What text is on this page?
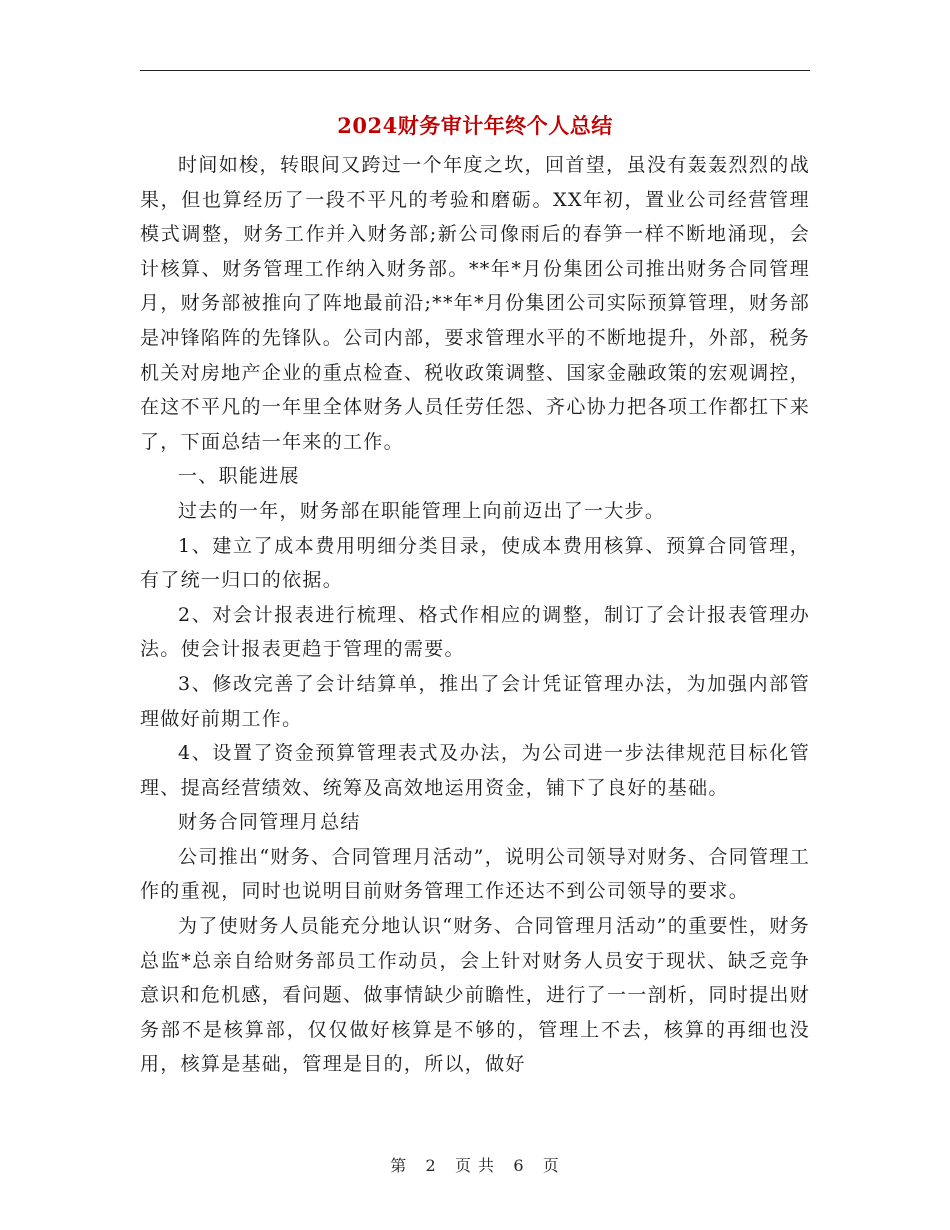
2024财务审计年终个人总结

时间如梭，转眼间又跨过一个年度之坎，回首望，虽没有轰轰烈烈的战果，但也算经历了一段不平凡的考验和磨砺。XX年初，置业公司经营管理模式调整，财务工作并入财务部;新公司像雨后的春笋一样不断地涌现，会计核算、财务管理工作纳入财务部。**年*月份集团公司推出财务合同管理月，财务部被推向了阵地最前沿;**年*月份集团公司实际预算管理，财务部是冲锋陷阵的先锋队。公司内部，要求管理水平的不断地提升，外部，税务机关对房地产企业的重点检查、税收政策调整、国家金融政策的宏观调控，在这不平凡的一年里全体财务人员任劳任怨、齐心协力把各项工作都扛下来了，下面总结一年来的工作。

一、职能进展

过去的一年，财务部在职能管理上向前迈出了一大步。

1、建立了成本费用明细分类目录，使成本费用核算、预算合同管理，有了统一归口的依据。

2、对会计报表进行梳理、格式作相应的调整，制订了会计报表管理办法。使会计报表更趋于管理的需要。

3、修改完善了会计结算单，推出了会计凭证管理办法，为加强内部管理做好前期工作。

4、设置了资金预算管理表式及办法，为公司进一步法律规范目标化管理、提高经营绩效、统筹及高效地运用资金，铺下了良好的基础。

财务合同管理月总结

公司推出“财务、合同管理月活动”，说明公司领导对财务、合同管理工作的重视，同时也说明目前财务管理工作还达不到公司领导的要求。

为了使财务人员能充分地认识“财务、合同管理月活动”的重要性，财务总监*总亲自给财务部员工作动员，会上针对财务人员安于现状、缺乏竞争意识和危机感，看问题、做事情缺少前瞻性，进行了一一剖析，同时提出财务部不是核算部，仅仅做好核算是不够的，管理上不去，核算的再细也没用，核算是基础，管理是目的，所以，做好

第 2 页 共 6 页
